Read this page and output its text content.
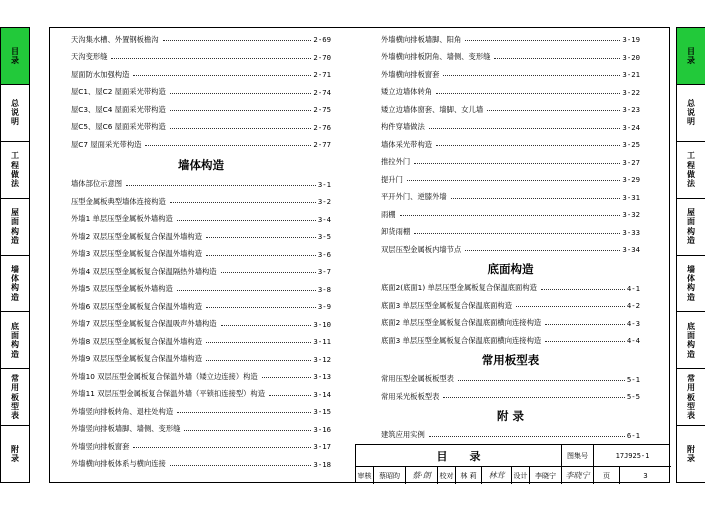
目
录
总
说
明
工
程
做
法
屋
面
构
造
墙
体
构
造
底
面
构
造
常
用
板
型
表
附
录
目
录
总
说
明
工
程
做
法
屋
面
构
造
墙
体
构
造
底
面
构
造
常
用
板
型
表
附
录
天沟集水槽、外置钢板檐沟	2-69
天沟变形缝	2-70
屋面防水加强构造	2-71
屋C1、屋C2 屋面采光带构造	2-74
屋C3、屋C4 屋面采光带构造	2-75
屋C5、屋C6 屋面采光带构造	2-76
屋C7 屋面采光带构造	2-77
墙体构造
墙体部位示意图	3-1
压型金属板典型墙体连接构造	3-2
外墙1 单层压型金属板外墙构造	3-4
外墙2 双层压型金属板复合保温外墙构造	3-5
外墙3 双层压型金属板复合保温外墙构造	3-6
外墙4 双层压型金属板复合保温隔热外墙构造	3-7
外墙5 双层压型金属板外墙构造	3-8
外墙6 双层压型金属板复合保温外墙构造	3-9
外墙7 双层压型金属板复合保温吸声外墙构造	3-10
外墙8 双层压型金属板复合保温外墙构造	3-11
外墙9 双层压型金属板复合保温外墙构造	3-12
外墙10 双层压型金属板复合保温外墙（矮立边连接）构造	3-13
外墙11 双层压型金属板复合保温外墙（平锁扣连接型）构造	3-14
外墙竖向排板转角、退柱处构造	3-15
外墙竖向排板墙脚、墙侧、变形缝	3-16
外墙竖向排板窗套	3-17
外墙横向排板体系与横向连接	3-18
外墙横向排板墙脚、阳角	3-19
外墙横向排板阴角、墙侧、变形缝	3-20
外墙横向排板窗套	3-21
矮立边墙体转角	3-22
矮立边墙体窗套、墙脚、女儿墙	3-23
构件穿墙做法	3-24
墙体采光带构造	3-25
推拉外门	3-27
提升门	3-29
平开外门、逆膝外墙	3-31
雨棚	3-32
卸货雨棚	3-33
双层压型金属板内墙节点	3-34
底面构造
底面2(底面1) 单层压型金属板复合保温底面构造	4-1
底面3 单层压型金属板复合保温底面构造	4-2
底面2 单层压型金属板复合保温底面横向连接构造	4-3
底面3 单层压型金属板复合保温底面横向连接构造	4-4
常用板型表
常用压型金属板板型表	5-1
常用采光板板型表	5-5
附 录
建筑应用实例	6-1
目录	图集号	17J925-1
审核	蔡昭昀	蔡·朗	校对 林 莉	林茸	设计	李晓宁	李晓宁	页	3
